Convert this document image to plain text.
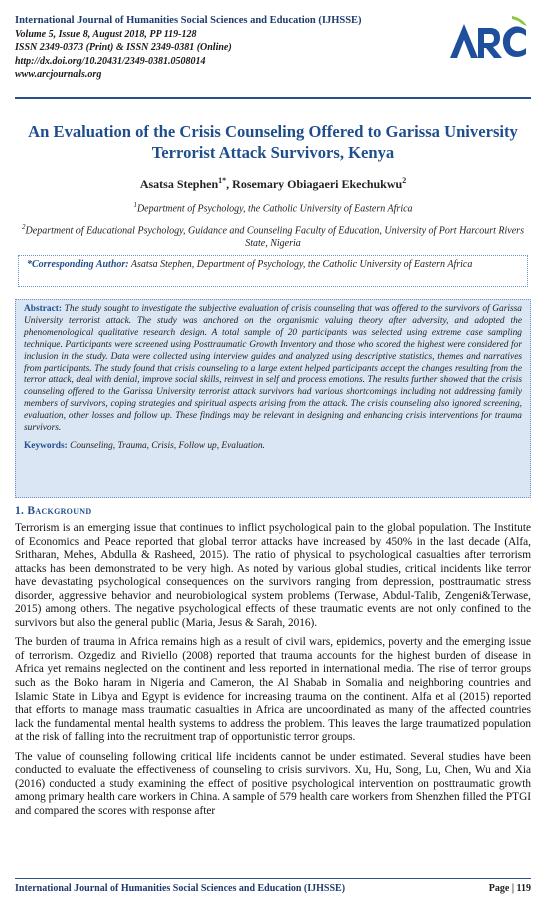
International Journal of Humanities Social Sciences and Education (IJHSSE)
Volume 5, Issue 8, August 2018, PP 119-128
ISSN 2349-0373 (Print) & ISSN 2349-0381 (Online)
http://dx.doi.org/10.20431/2349-0381.0508014
www.arcjournals.org
An Evaluation of the Crisis Counseling Offered to Garissa University Terrorist Attack Survivors, Kenya
Asatsa Stephen$^{1*}$, Rosemary Obiagaeri Ekechukwu$^2$
$^1$Department of Psychology, the Catholic University of Eastern Africa
$^2$Department of Educational Psychology, Guidance and Counseling Faculty of Education, University of Port Harcourt Rivers State, Nigeria
*Corresponding Author: Asatsa Stephen, Department of Psychology, the Catholic University of Eastern Africa

Abstract: The study sought to investigate the subjective evaluation of crisis counseling that was offered to the survivors of Garissa University terrorist attack. The study was anchored on the organismic valuing theory after adversity, and adopted the phenomenological qualitative research design. A total sample of 20 participants was selected using extreme case sampling technique. Participants were screened using Posttraumatic Growth Inventory and those who scored the highest were considered for inclusion in the study. Data were collected using interview guides and analyzed using descriptive statistics, themes and narratives from participants. The study found that crisis counseling to a large extent helped participants accept the changes resulting from the terror attack, deal with denial, improve social skills, reinvest in self and process emotions. The results further showed that the crisis counseling offered to the Garissa University terrorist attack survivors had various shortcomings including not addressing family members of survivors, coping strategies and spiritual aspects arising from the attack. The crisis counseling also ignored screening, evaluation, other losses and follow up. These findings may be relevant in designing and enhancing crisis interventions for trauma survivors.

Keywords: Counseling, Trauma, Crisis, Follow up, Evaluation.

1. Background

Terrorism is an emerging issue that continues to inflict psychological pain to the global population. The Institute of Economics and Peace reported that global terror attacks have increased by 450% in the last decade (Alfa, Sritharan, Mehes, Abdulla & Rasheed, 2015). The ratio of physical to psychological casualties after terrorism attacks has been demonstrated to be very high. As noted by various global studies, critical incidents like terror have devastating psychological consequences on the survivors ranging from depression, posttraumatic stress disorder, aggressive behavior and neurobiological system problems (Terwase, Abdul-Talib, Zengeni&Terwase, 2015) among others. The negative psychological effects of these traumatic events are not only confined to the survivors but also the general public (Maria, Jesus & Sarah, 2016).

The burden of trauma in Africa remains high as a result of civil wars, epidemics, poverty and the emerging issue of terrorism. Ozgediz and Riviello (2008) reported that trauma accounts for the highest burden of disease in Africa yet remains neglected on the continent and less reported in international media. The rise of terror groups such as the Boko haram in Nigeria and Cameron, the Al Shabab in Somalia and neighboring countries and Islamic State in Libya and Egypt is evidence for increasing trauma on the continent. Alfa et al (2015) reported that efforts to manage mass traumatic casualties in Africa are uncoordinated as many of the affected countries lack the fundamental mental health systems to address the problem. This leaves the large traumatized population at the risk of falling into the recruitment trap of opportunistic terror groups.

The value of counseling following critical life incidents cannot be under estimated. Several studies have been conducted to evaluate the effectiveness of counseling to crisis survivors. Xu, Hu, Song, Lu, Chen, Wu and Xia (2016) conducted a study examining the effect of positive psychological intervention on posttraumatic growth among primary health care workers in China. A sample of 579 health care workers from Shenzhen filled the PTGI and compared the scores with response after

International Journal of Humanities Social Sciences and Education (IJHSSE)	Page | 119
